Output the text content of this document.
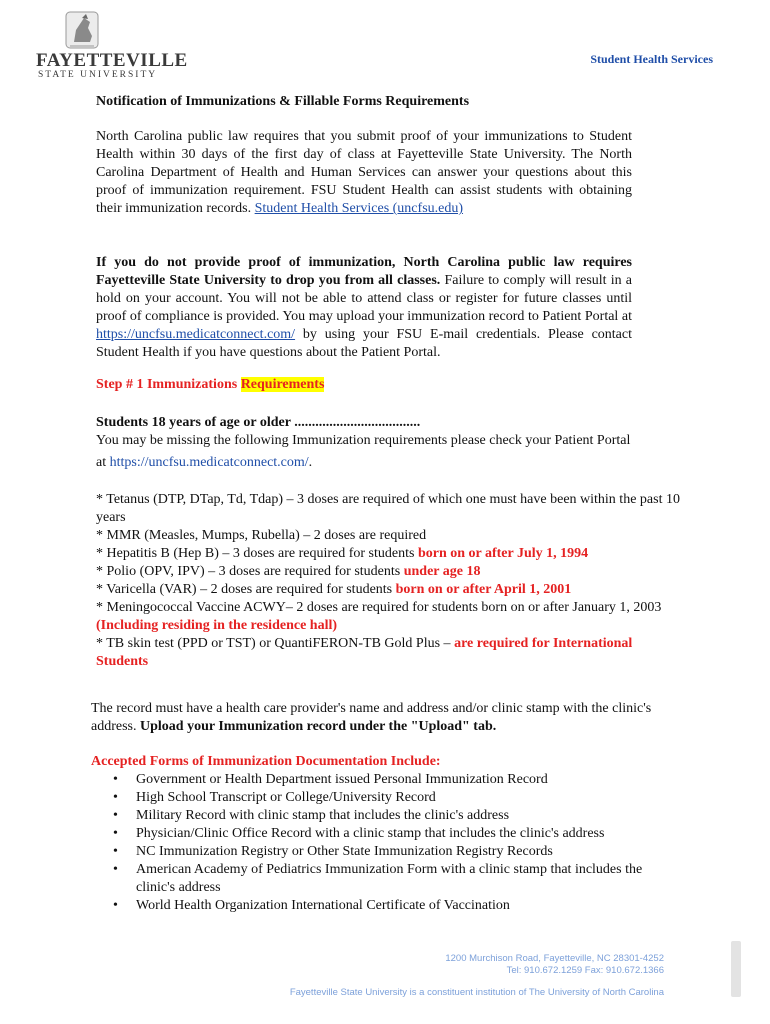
FAYETTEVILLE
STATE UNIVERSITY
Student Health Services
Notification of Immunizations & Fillable Forms Requirements
North Carolina public law requires that you submit proof of your immunizations to Student Health within 30 days of the first day of class at Fayetteville State University. The North Carolina Department of Health and Human Services can answer your questions about this proof of immunization requirement. FSU Student Health can assist students with obtaining their immunization records. Student Health Services (uncfsu.edu)
If you do not provide proof of immunization, North Carolina public law requires Fayetteville State University to drop you from all classes. Failure to comply will result in a hold on your account. You will not be able to attend class or register for future classes until proof of compliance is provided. You may upload your immunization record to Patient Portal at https://uncfsu.medicatconnect.com/ by using your FSU E-mail credentials. Please contact Student Health if you have questions about the Patient Portal.
Step # 1 Immunizations Requirements
Students 18 years of age or older ....................................
You may be missing the following Immunization requirements please check your Patient Portal
at https://uncfsu.medicatconnect.com/.
* Tetanus (DTP, DTap, Td, Tdap) – 3 doses are required of which one must have been within the past 10 years
* MMR (Measles, Mumps, Rubella) – 2 doses are required
* Hepatitis B (Hep B) – 3 doses are required for students born on or after July 1, 1994
* Polio (OPV, IPV) – 3 doses are required for students under age 18
* Varicella (VAR) – 2 doses are required for students born on or after April 1, 2001
* Meningococcal Vaccine ACWY– 2 doses are required for students born on or after January 1, 2003 (Including residing in the residence hall)
* TB skin test (PPD or TST) or QuantiFERON-TB Gold Plus – are required for International Students
The record must have a health care provider's name and address and/or clinic stamp with the clinic's address. Upload your Immunization record under the "Upload" tab.
Accepted Forms of Immunization Documentation Include:
• Government or Health Department issued Personal Immunization Record
• High School Transcript or College/University Record
• Military Record with clinic stamp that includes the clinic's address
• Physician/Clinic Office Record with a clinic stamp that includes the clinic's address
• NC Immunization Registry or Other State Immunization Registry Records
• American Academy of Pediatrics Immunization Form with a clinic stamp that includes the clinic's address
• World Health Organization International Certificate of Vaccination
1200 Murchison Road, Fayetteville, NC 28301-4252
Tel: 910.672.1259 Fax: 910.672.1366
Fayetteville State University is a constituent institution of The University of North Carolina
